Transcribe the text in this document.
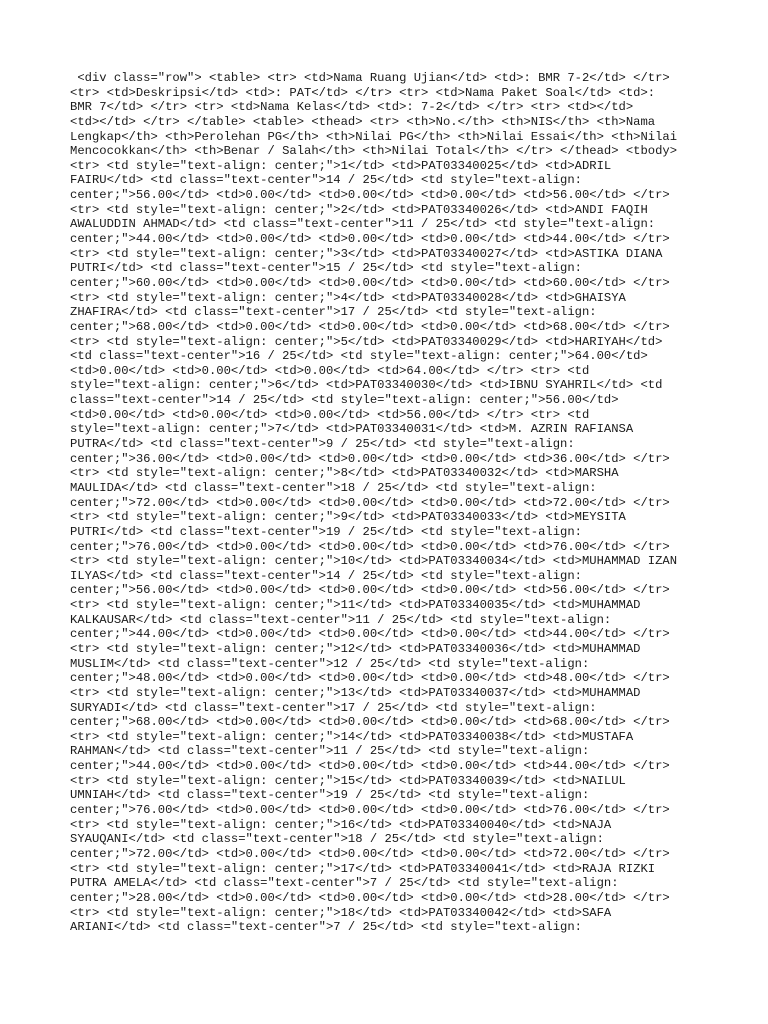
<div class="row"> <table> <tr> <td>Nama Ruang Ujian</td> <td>: BMR 7-2</td> </tr>
<tr> <td>Deskripsi</td> <td>: PAT</td> </tr> <tr> <td>Nama Paket Soal</td> <td>:
BMR 7</td> </tr> <tr> <td>Nama Kelas</td> <td>: 7-2</td> </tr> <tr> <td></td>
<td></td> </tr> </table> <table> <thead> <tr> <th>No.</th> <th>NIS</th> <th>Nama
Lengkap</th> <th>Perolehan PG</th> <th>Nilai PG</th> <th>Nilai Essai</th> <th>Nilai
Mencocokkan</th> <th>Benar / Salah</th> <th>Nilai Total</th> </tr> </thead> <tbody>
<tr> <td style="text-align: center;">1</td> <td>PAT03340025</td> <td>ADRIL
FAIRU</td> <td class="text-center">14 / 25</td> <td style="text-align:
center;">56.00</td> <td>0.00</td> <td>0.00</td> <td>0.00</td> <td>56.00</td> </tr>
<tr> <td style="text-align: center;">2</td> <td>PAT03340026</td> <td>ANDI FAQIH
AWALUDDIN AHMAD</td> <td class="text-center">11 / 25</td> <td style="text-align:
center;">44.00</td> <td>0.00</td> <td>0.00</td> <td>0.00</td> <td>44.00</td> </tr>
<tr> <td style="text-align: center;">3</td> <td>PAT03340027</td> <td>ASTIKA DIANA
PUTRI</td> <td class="text-center">15 / 25</td> <td style="text-align:
center;">60.00</td> <td>0.00</td> <td>0.00</td> <td>0.00</td> <td>60.00</td> </tr>
<tr> <td style="text-align: center;">4</td> <td>PAT03340028</td> <td>GHAISYA
ZHAFIRA</td> <td class="text-center">17 / 25</td> <td style="text-align:
center;">68.00</td> <td>0.00</td> <td>0.00</td> <td>0.00</td> <td>68.00</td> </tr>
<tr> <td style="text-align: center;">5</td> <td>PAT03340029</td> <td>HARIYAH</td>
<td class="text-center">16 / 25</td> <td style="text-align: center;">64.00</td>
<td>0.00</td> <td>0.00</td> <td>0.00</td> <td>64.00</td> </tr> <tr> <td
style="text-align: center;">6</td> <td>PAT03340030</td> <td>IBNU SYAHRIL</td> <td
class="text-center">14 / 25</td> <td style="text-align: center;">56.00</td>
<td>0.00</td> <td>0.00</td> <td>0.00</td> <td>56.00</td> </tr> <tr> <td
style="text-align: center;">7</td> <td>PAT03340031</td> <td>M. AZRIN RAFIANSA
PUTRA</td> <td class="text-center">9 / 25</td> <td style="text-align:
center;">36.00</td> <td>0.00</td> <td>0.00</td> <td>0.00</td> <td>36.00</td> </tr>
<tr> <td style="text-align: center;">8</td> <td>PAT03340032</td> <td>MARSHA
MAULIDA</td> <td class="text-center">18 / 25</td> <td style="text-align:
center;">72.00</td> <td>0.00</td> <td>0.00</td> <td>0.00</td> <td>72.00</td> </tr>
<tr> <td style="text-align: center;">9</td> <td>PAT03340033</td> <td>MEYSITA
PUTRI</td> <td class="text-center">19 / 25</td> <td style="text-align:
center;">76.00</td> <td>0.00</td> <td>0.00</td> <td>0.00</td> <td>76.00</td> </tr>
<tr> <td style="text-align: center;">10</td> <td>PAT03340034</td> <td>MUHAMMAD IZAN
ILYAS</td> <td class="text-center">14 / 25</td> <td style="text-align:
center;">56.00</td> <td>0.00</td> <td>0.00</td> <td>0.00</td> <td>56.00</td> </tr>
<tr> <td style="text-align: center;">11</td> <td>PAT03340035</td> <td>MUHAMMAD
KALKAUSAR</td> <td class="text-center">11 / 25</td> <td style="text-align:
center;">44.00</td> <td>0.00</td> <td>0.00</td> <td>0.00</td> <td>44.00</td> </tr>
<tr> <td style="text-align: center;">12</td> <td>PAT03340036</td> <td>MUHAMMAD
MUSLIM</td> <td class="text-center">12 / 25</td> <td style="text-align:
center;">48.00</td> <td>0.00</td> <td>0.00</td> <td>0.00</td> <td>48.00</td> </tr>
<tr> <td style="text-align: center;">13</td> <td>PAT03340037</td> <td>MUHAMMAD
SURYADI</td> <td class="text-center">17 / 25</td> <td style="text-align:
center;">68.00</td> <td>0.00</td> <td>0.00</td> <td>0.00</td> <td>68.00</td> </tr>
<tr> <td style="text-align: center;">14</td> <td>PAT03340038</td> <td>MUSTAFA
RAHMAN</td> <td class="text-center">11 / 25</td> <td style="text-align:
center;">44.00</td> <td>0.00</td> <td>0.00</td> <td>0.00</td> <td>44.00</td> </tr>
<tr> <td style="text-align: center;">15</td> <td>PAT03340039</td> <td>NAILUL
UMNIAH</td> <td class="text-center">19 / 25</td> <td style="text-align:
center;">76.00</td> <td>0.00</td> <td>0.00</td> <td>0.00</td> <td>76.00</td> </tr>
<tr> <td style="text-align: center;">16</td> <td>PAT03340040</td> <td>NAJA
SYAUQANI</td> <td class="text-center">18 / 25</td> <td style="text-align:
center;">72.00</td> <td>0.00</td> <td>0.00</td> <td>0.00</td> <td>72.00</td> </tr>
<tr> <td style="text-align: center;">17</td> <td>PAT03340041</td> <td>RAJA RIZKI
PUTRA AMELA</td> <td class="text-center">7 / 25</td> <td style="text-align:
center;">28.00</td> <td>0.00</td> <td>0.00</td> <td>0.00</td> <td>28.00</td> </tr>
<tr> <td style="text-align: center;">18</td> <td>PAT03340042</td> <td>SAFA
ARIANI</td> <td class="text-center">7 / 25</td> <td style="text-align:
